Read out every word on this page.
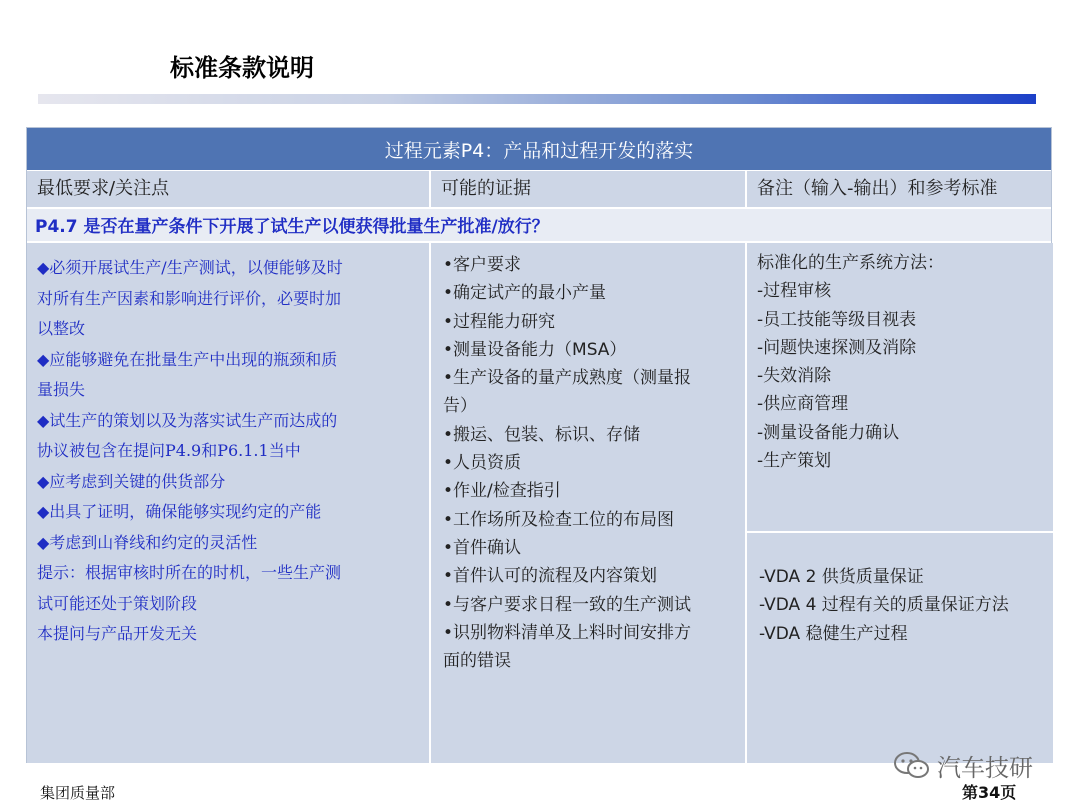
标准条款说明
过程元素P4：产品和过程开发的落实
最低要求/关注点	可能的证据	备注（输入-输出）和参考标准
P4.7 是否在量产条件下开展了试生产以便获得批量生产批准/放行？
◆必须开展试生产/生产测试，以便能够及时
对所有生产因素和影响进行评价，必要时加
以整改
◆应能够避免在批量生产中出现的瓶颈和质
量损失
◆试生产的策划以及为落实试生产而达成的
协议被包含在提问P4.9和P6.1.1当中
◆应考虑到关键的供货部分
◆出具了证明，确保能够实现约定的产能
◆考虑到山脊线和约定的灵活性
提示：根据审核时所在的时机，一些生产测
试可能还处于策划阶段
本提问与产品开发无关
•客户要求
•确定试产的最小产量
•过程能力研究
•测量设备能力（MSA）
•生产设备的量产成熟度（测量报
告）
•搬运、包装、标识、存储
•人员资质
•作业/检查指引
•工作场所及检查工位的布局图
•首件确认
•首件认可的流程及内容策划
•与客户要求日程一致的生产测试
•识别物料清单及上料时间安排方
面的错误
标准化的生产系统方法：
-过程审核
-员工技能等级目视表
-问题快速探测及消除
-失效消除
-供应商管理
-测量设备能力确认
-生产策划
-VDA 2 供货质量保证
-VDA 4 过程有关的质量保证方法
-VDA 稳健生产过程
集团质量部
汽车技研
第34页
